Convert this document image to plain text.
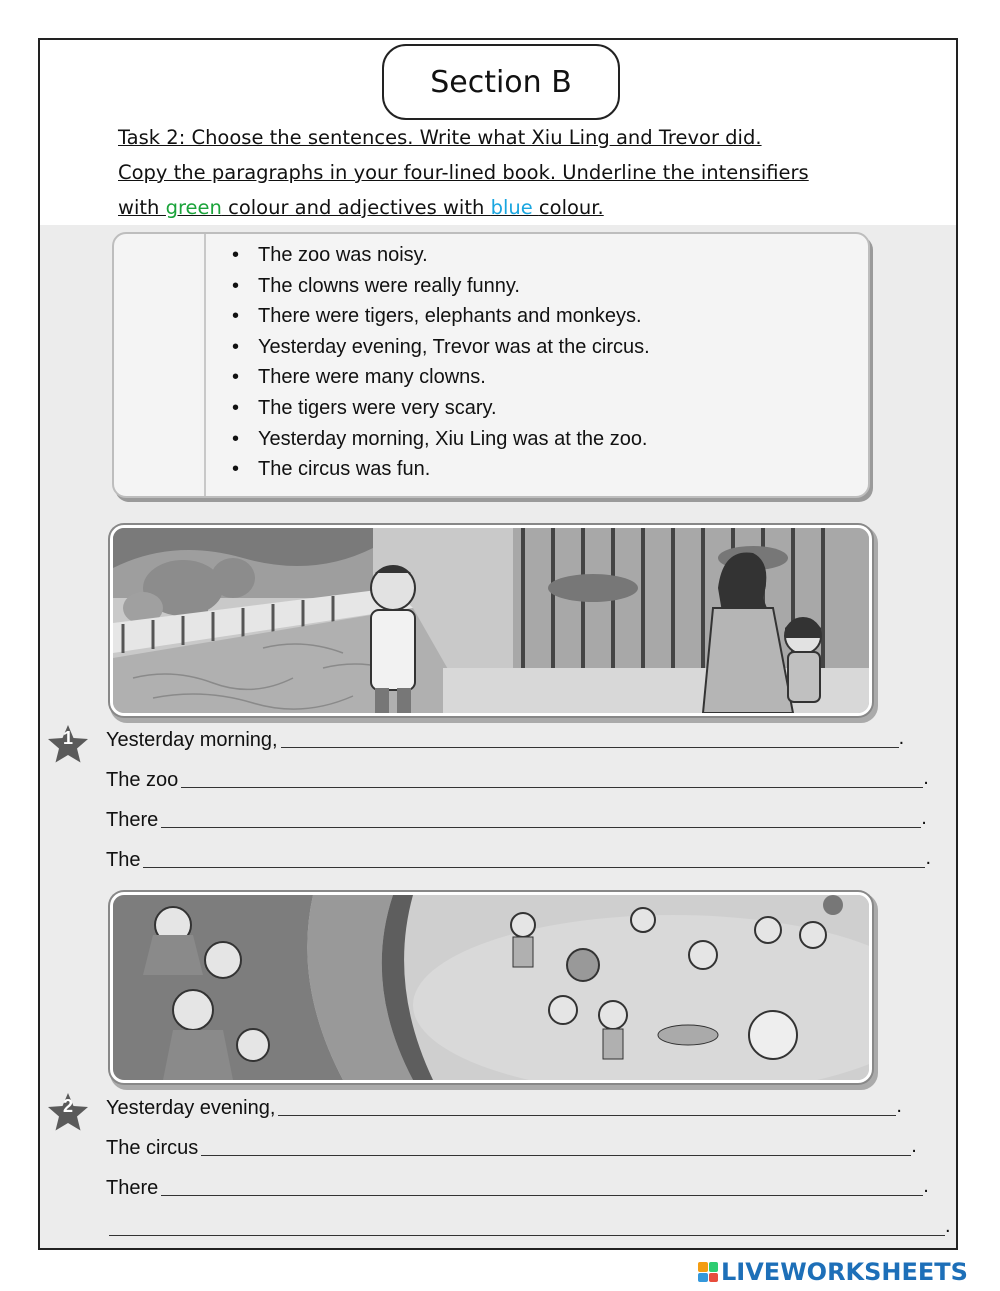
Section B
Task 2: Choose the sentences. Write what Xiu Ling and Trevor did.
Copy the paragraphs in your four-lined book. Underline the intensifiers
with green colour and adjectives with blue colour.
• The zoo was noisy.
• The clowns were really funny.
• There were tigers, elephants and monkeys.
• Yesterday evening, Trevor was at the circus.
• There were many clowns.
• The tigers were very scary.
• Yesterday morning, Xiu Ling was at the zoo.
• The circus was fun.
1	Yesterday morning,	.
The zoo	.
There	.
The	.
2	Yesterday evening,	.
The circus	.
There	.
.
LIVEWORKSHEETS
